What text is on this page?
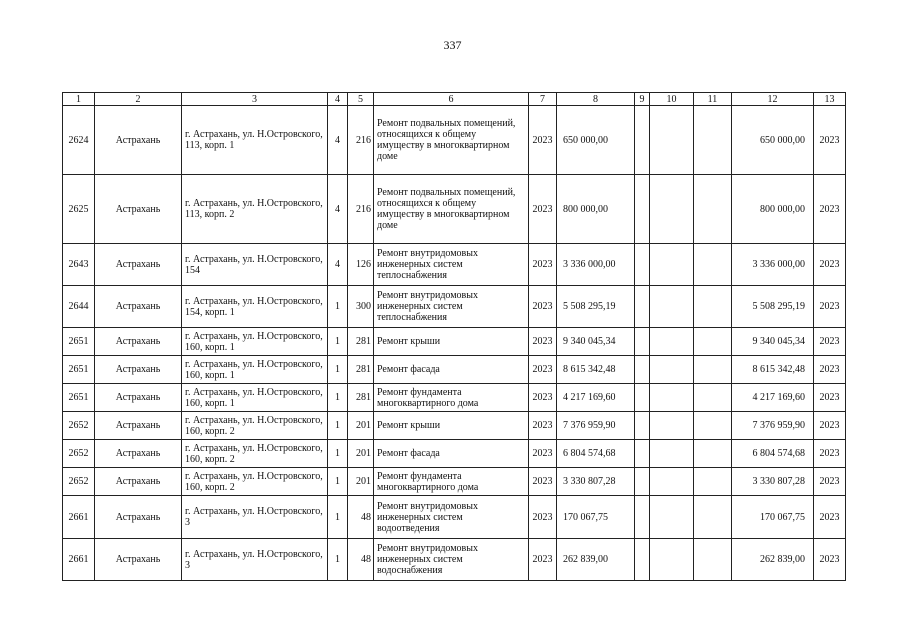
337
1	2	3	4	5	6	7	8	9	10	11	12	13
2624	Астрахань	г. Астрахань, ул. Н.Островского, 113, корп. 1	4	216	Ремонт подвальных помещений, относящихся к общему имуществу в многоквартирном доме	2023	650 000,00				650 000,00	2023
2625	Астрахань	г. Астрахань, ул. Н.Островского, 113, корп. 2	4	216	Ремонт подвальных помещений, относящихся к общему имуществу в многоквартирном доме	2023	800 000,00				800 000,00	2023
2643	Астрахань	г. Астрахань, ул. Н.Островского, 154	4	126	Ремонт внутридомовых инженерных систем теплоснабжения	2023	3 336 000,00				3 336 000,00	2023
2644	Астрахань	г. Астрахань, ул. Н.Островского, 154, корп. 1	1	300	Ремонт внутридомовых инженерных систем теплоснабжения	2023	5 508 295,19				5 508 295,19	2023
2651	Астрахань	г. Астрахань, ул. Н.Островского, 160, корп. 1	1	281	Ремонт крыши	2023	9 340 045,34				9 340 045,34	2023
2651	Астрахань	г. Астрахань, ул. Н.Островского, 160, корп. 1	1	281	Ремонт фасада	2023	8 615 342,48				8 615 342,48	2023
2651	Астрахань	г. Астрахань, ул. Н.Островского, 160, корп. 1	1	281	Ремонт фундамента многоквартирного дома	2023	4 217 169,60				4 217 169,60	2023
2652	Астрахань	г. Астрахань, ул. Н.Островского, 160, корп. 2	1	201	Ремонт крыши	2023	7 376 959,90				7 376 959,90	2023
2652	Астрахань	г. Астрахань, ул. Н.Островского, 160, корп. 2	1	201	Ремонт фасада	2023	6 804 574,68				6 804 574,68	2023
2652	Астрахань	г. Астрахань, ул. Н.Островского, 160, корп. 2	1	201	Ремонт фундамента многоквартирного дома	2023	3 330 807,28				3 330 807,28	2023
2661	Астрахань	г. Астрахань, ул. Н.Островского, 3	1	48	Ремонт внутридомовых инженерных систем водоотведения	2023	170 067,75				170 067,75	2023
2661	Астрахань	г. Астрахань, ул. Н.Островского, 3	1	48	Ремонт внутридомовых инженерных систем водоснабжения	2023	262 839,00				262 839,00	2023
